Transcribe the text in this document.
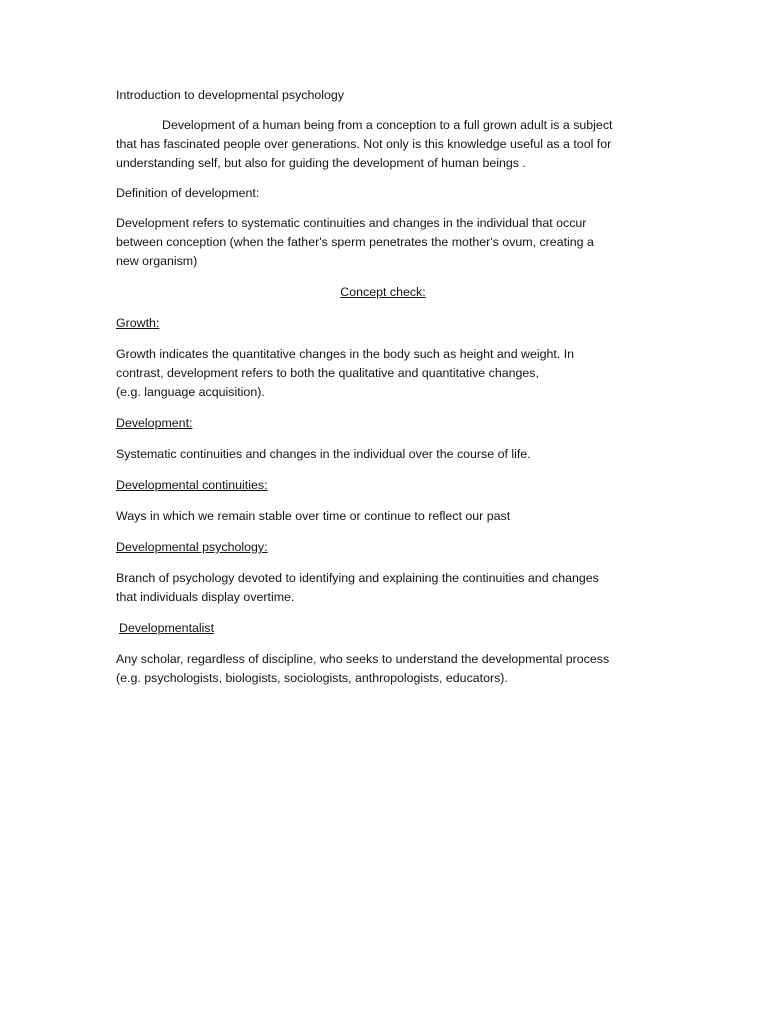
Introduction to developmental psychology

Development of a human being from a conception to a full grown adult is a subject

that has fascinated people over generations. Not only is this knowledge useful as a tool for

understanding self, but also for guiding the development of human beings .

Definition of development:

Development refers to systematic continuities and changes in the individual that occur

between conception (when the father's sperm penetrates the mother's ovum, creating a

new organism)

Concept check:

Growth:

Growth indicates the quantitative changes in the body such as height and weight. In

contrast, development refers to both the qualitative and quantitative changes,

(e.g. language acquisition).

Development:

Systematic continuities and changes in the individual over the course of life.

Developmental continuities:

Ways in which we remain stable over time or continue to reflect our past

Developmental psychology:

Branch of psychology devoted to identifying and explaining the continuities and changes

that individuals display overtime.

Developmentalist

Any scholar, regardless of discipline, who seeks to understand the developmental process

(e.g. psychologists, biologists, sociologists, anthropologists, educators).
